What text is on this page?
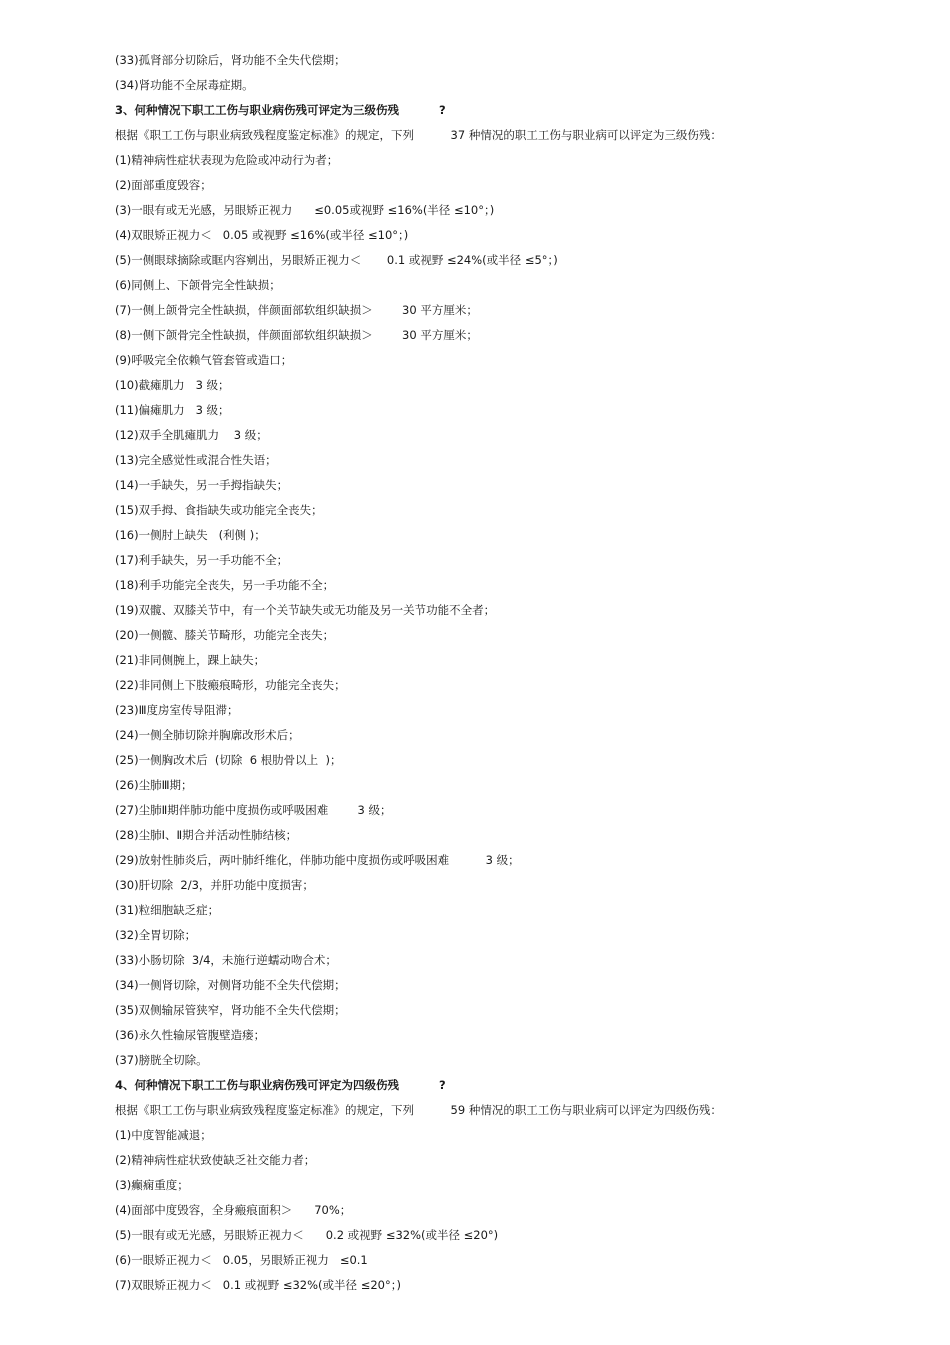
(33)孤肾部分切除后，肾功能不全失代偿期；
(34)肾功能不全尿毒症期。
3、何种情况下职工工伤与职业病伤残可评定为三级伤残          ?
根据《职工工伤与职业病致残程度鉴定标准》的规定，下列          37 种情况的职工工伤与职业病可以评定为三级伤残：
(1)精神病性症状表现为危险或冲动行为者；
(2)面部重度毁容；
(3)一眼有或无光感，另眼矫正视力      ≤0.05或视野 ≤16%(半径 ≤10°；)
(4)双眼矫正视力＜   0.05 或视野 ≤16%(或半径 ≤10°；)
(5)一侧眼球摘除或眶内容剜出，另眼矫正视力＜       0.1 或视野 ≤24%(或半径 ≤5°；)
(6)同侧上、下颌骨完全性缺损；
(7)一侧上颌骨完全性缺损，伴颜面部软组织缺损＞        30 平方厘米；
(8)一侧下颌骨完全性缺损，伴颜面部软组织缺损＞        30 平方厘米；
(9)呼吸完全依赖气管套管或造口；
(10)截瘫肌力   3 级；
(11)偏瘫肌力   3 级；
(12)双手全肌瘫肌力    3 级；
(13)完全感觉性或混合性失语；
(14)一手缺失，另一手拇指缺失；
(15)双手拇、食指缺失或功能完全丧失；
(16)一侧肘上缺失   (利侧 )；
(17)利手缺失，另一手功能不全；
(18)利手功能完全丧失，另一手功能不全；
(19)双髋、双膝关节中，有一个关节缺失或无功能及另一关节功能不全者；
(20)一侧髋、膝关节畸形，功能完全丧失；
(21)非同侧腕上，踝上缺失；
(22)非同侧上下肢瘢痕畸形，功能完全丧失；
(23)Ⅲ度房室传导阻滞；
(24)一侧全肺切除并胸廓改形术后；
(25)一侧胸改术后  (切除  6 根肋骨以上  )；
(26)尘肺Ⅲ期；
(27)尘肺Ⅱ期伴肺功能中度损伤或呼吸困难        3 级；
(28)尘肺Ⅰ、Ⅱ期合并活动性肺结核；
(29)放射性肺炎后，两叶肺纤维化，伴肺功能中度损伤或呼吸困难          3 级；
(30)肝切除  2/3，并肝功能中度损害；
(31)粒细胞缺乏症；
(32)全胃切除；
(33)小肠切除  3/4，未施行逆蠕动吻合术；
(34)一侧肾切除，对侧肾功能不全失代偿期；
(35)双侧输尿管狭窄，肾功能不全失代偿期；
(36)永久性输尿管腹壁造瘘；
(37)膀胱全切除。
4、何种情况下职工工伤与职业病伤残可评定为四级伤残          ?
根据《职工工伤与职业病致残程度鉴定标准》的规定，下列          59 种情况的职工工伤与职业病可以评定为四级伤残：
(1)中度智能减退；
(2)精神病性症状致使缺乏社交能力者；
(3)癫痫重度；
(4)面部中度毁容，全身瘢痕面积＞      70%；
(5)一眼有或无光感，另眼矫正视力＜      0.2 或视野 ≤32%(或半径 ≤20°)
(6)一眼矫正视力＜   0.05，另眼矫正视力   ≤0.1
(7)双眼矫正视力＜   0.1 或视野 ≤32%(或半径 ≤20°；)
